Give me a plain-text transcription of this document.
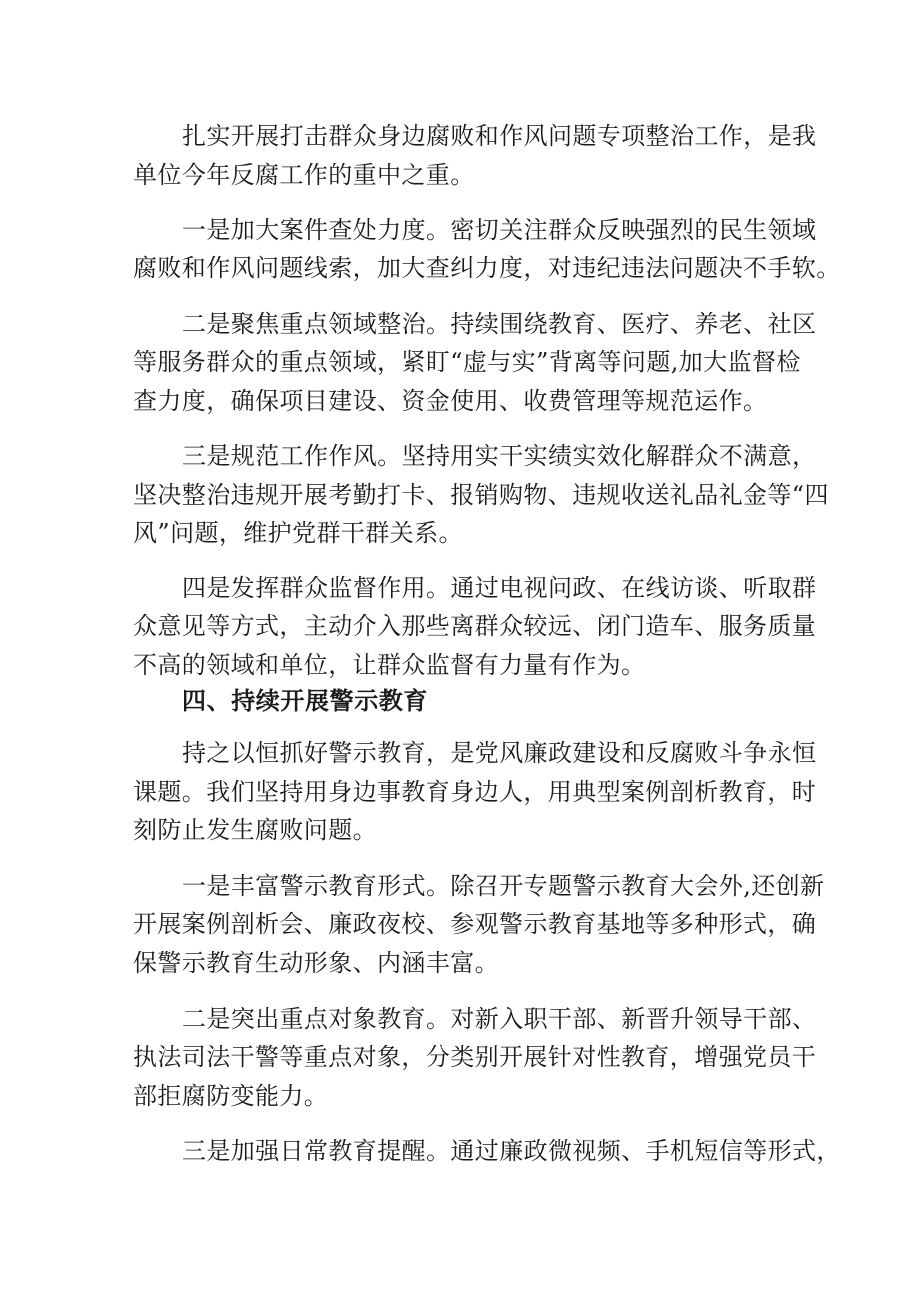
扎实开展打击群众身边腐败和作风问题专项整治工作，是我
单位今年反腐工作的重中之重。
一是加大案件查处力度。密切关注群众反映强烈的民生领域
腐败和作风问题线索，加大查纠力度，对违纪违法问题决不手软。
二是聚焦重点领域整治。持续围绕教育、医疗、养老、社区
等服务群众的重点领域，紧盯“虚与实”背离等问题,加大监督检
查力度，确保项目建设、资金使用、收费管理等规范运作。
三是规范工作作风。坚持用实干实绩实效化解群众不满意，
坚决整治违规开展考勤打卡、报销购物、违规收送礼品礼金等“四
风”问题，维护党群干群关系。
四是发挥群众监督作用。通过电视问政、在线访谈、听取群
众意见等方式，主动介入那些离群众较远、闭门造车、服务质量
不高的领域和单位，让群众监督有力量有作为。
四、持续开展警示教育
持之以恒抓好警示教育，是党风廉政建设和反腐败斗争永恒
课题。我们坚持用身边事教育身边人，用典型案例剖析教育，时
刻防止发生腐败问题。
一是丰富警示教育形式。除召开专题警示教育大会外,还创新
开展案例剖析会、廉政夜校、参观警示教育基地等多种形式，确
保警示教育生动形象、内涵丰富。
二是突出重点对象教育。对新入职干部、新晋升领导干部、
执法司法干警等重点对象，分类别开展针对性教育，增强党员干
部拒腐防变能力。
三是加强日常教育提醒。通过廉政微视频、手机短信等形式，
